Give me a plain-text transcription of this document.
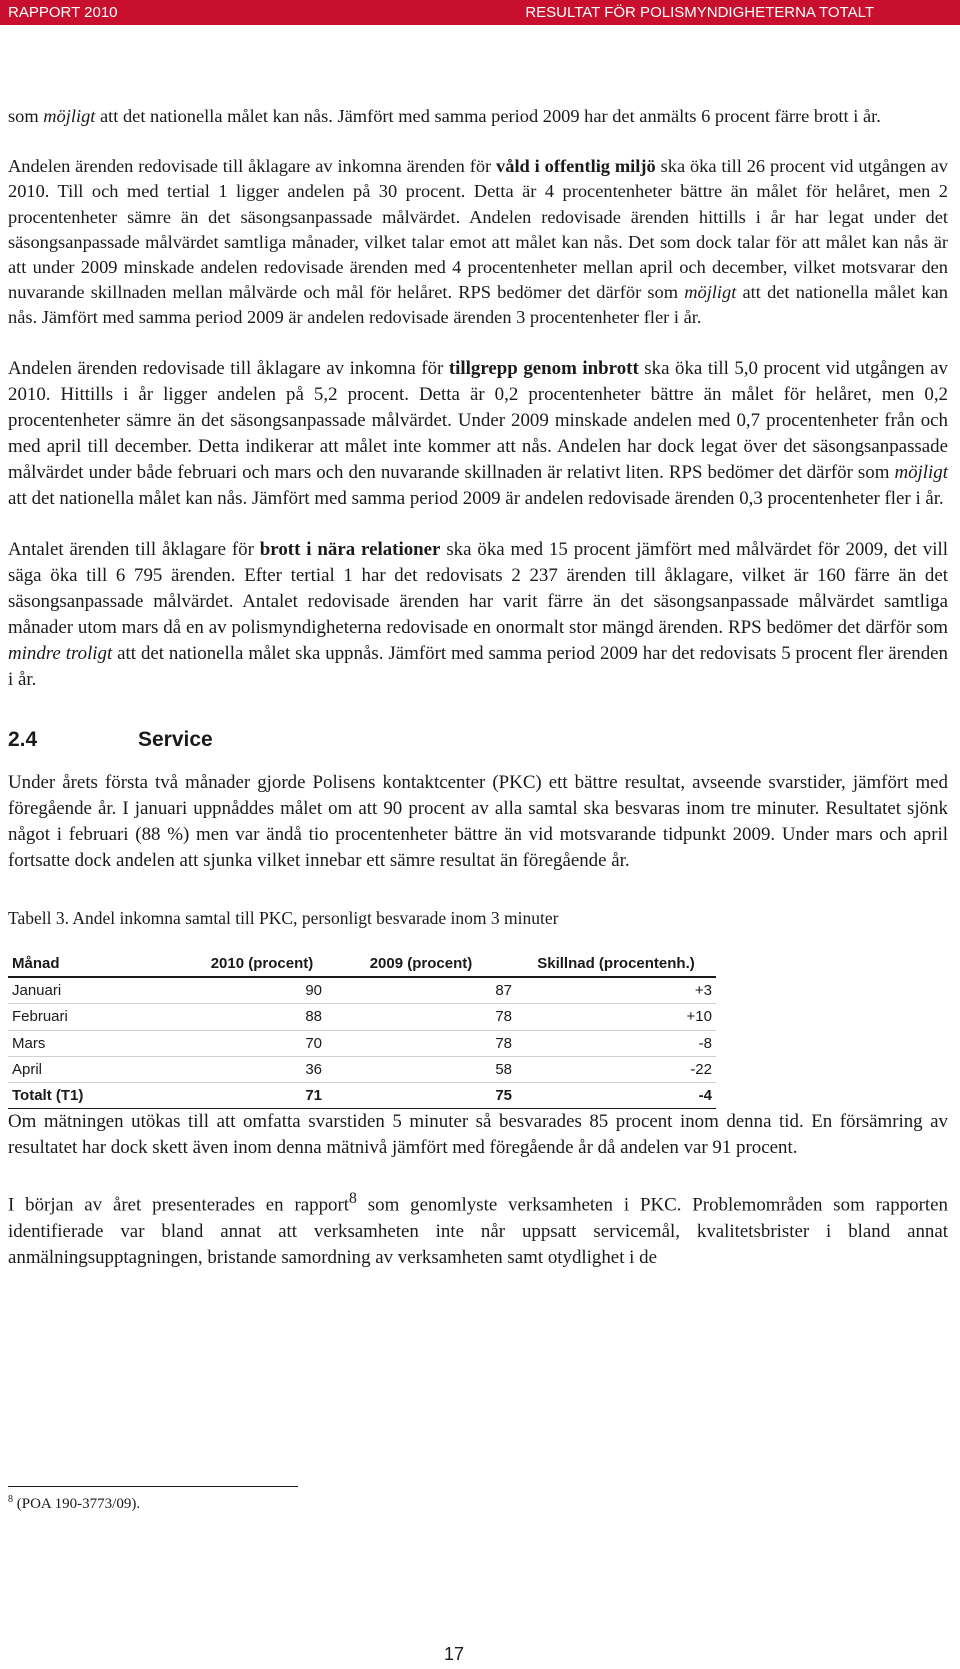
RAPPORT 2010	RESULTAT FÖR POLISMYNDIGHETERNA TOTALT

som möjligt att det nationella målet kan nås. Jämfört med samma period 2009 har det anmälts 6 procent färre brott i år.

Andelen ärenden redovisade till åklagare av inkomna ärenden för våld i offentlig miljö ska öka till 26 procent vid utgången av 2010. Till och med tertial 1 ligger andelen på 30 procent. Detta är 4 procentenheter bättre än målet för helåret, men 2 procentenheter sämre än det säsongsanpassade målvärdet. Andelen redovisade ärenden hittills i år har legat under det säsongsanpassade målvärdet samtliga månader, vilket talar emot att målet kan nås. Det som dock talar för att målet kan nås är att under 2009 minskade andelen redovisade ärenden med 4 procentenheter mellan april och december, vilket motsvarar den nuvarande skillnaden mellan målvärde och mål för helåret. RPS bedömer det därför som möjligt att det nationella målet kan nås. Jämfört med samma period 2009 är andelen redovisade ärenden 3 procentenheter fler i år.

Andelen ärenden redovisade till åklagare av inkomna för tillgrepp genom inbrott ska öka till 5,0 procent vid utgången av 2010. Hittills i år ligger andelen på 5,2 procent. Detta är 0,2 procentenheter bättre än målet för helåret, men 0,2 procentenheter sämre än det säsongsanpassade målvärdet. Under 2009 minskade andelen med 0,7 procentenheter från och med april till december. Detta indikerar att målet inte kommer att nås. Andelen har dock legat över det säsongsanpassade målvärdet under både februari och mars och den nuvarande skillnaden är relativt liten. RPS bedömer det därför som möjligt att det nationella målet kan nås. Jämfört med samma period 2009 är andelen redovisade ärenden 0,3 procentenheter fler i år.

Antalet ärenden till åklagare för brott i nära relationer ska öka med 15 procent jämfört med målvärdet för 2009, det vill säga öka till 6 795 ärenden. Efter tertial 1 har det redovisats 2 237 ärenden till åklagare, vilket är 160 färre än det säsongsanpassade målvärdet. Antalet redovisade ärenden har varit färre än det säsongsanpassade målvärdet samtliga månader utom mars då en av polismyndigheterna redovisade en onormalt stor mängd ärenden. RPS bedömer det därför som mindre troligt att det nationella målet ska uppnås. Jämfört med samma period 2009 har det redovisats 5 procent fler ärenden i år.

2.4	Service

Under årets första två månader gjorde Polisens kontaktcenter (PKC) ett bättre resultat, avseende svarstider, jämfört med föregående år. I januari uppnåddes målet om att 90 procent av alla samtal ska besvaras inom tre minuter. Resultatet sjönk något i februari (88 %) men var ändå tio procentenheter bättre än vid motsvarande tidpunkt 2009. Under mars och april fortsatte dock andelen att sjunka vilket innebar ett sämre resultat än föregående år.

Tabell 3. Andel inkomna samtal till PKC, personligt besvarade inom 3 minuter
Månad	2010 (procent)	2009 (procent)	Skillnad (procentenh.)
Januari	90	87	+3
Februari	88	78	+10
Mars	70	78	-8
April	36	58	-22
Totalt (T1)	71	75	-4

Om mätningen utökas till att omfatta svarstiden 5 minuter så besvarades 85 procent inom denna tid. En försämring av resultatet har dock skett även inom denna mätnivå jämfört med föregående år då andelen var 91 procent.

I början av året presenterades en rapport$^8$ som genomlyste verksamheten i PKC. Problemområden som rapporten identifierade var bland annat att verksamheten inte når uppsatt servicemål, kvalitetsbrister i bland annat anmälningsupptagningen, bristande samordning av verksamheten samt otydlighet i de

$^8$ (POA 190-3773/09).
17
